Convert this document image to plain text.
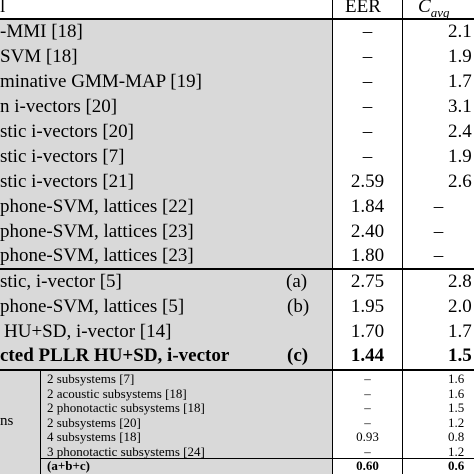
l	EER $C_{avg}$
-MMI [18]	–	2.1
SVM [18]	–	1.9
minative GMM-MAP [19]	–	1.7
n i-vectors [20]	–	3.1
stic i-vectors [20]	–	2.4
stic i-vectors [7]	–	1.9
stic i-vectors [21]	2.59	2.6
phone-SVM, lattices [22]	1.84	–
phone-SVM, lattices [23]	2.40	–
phone-SVM, lattices [23]	1.80	–
stic, i-vector [5]	(a)	2.75	2.8
phone-SVM, lattices [5]	(b)	1.95	2.0
HU+SD, i-vector [14]	1.70	1.7
cted PLLR HU+SD, i-vector	(c)	1.44	1.5
ns
2 subsystems [7]	–	1.6
2 acoustic subsystems [18]	–	1.6
2 phonotactic subsystems [18]	–	1.5
2 subsystems [20]	–	1.2
4 subsystems [18]	0.93	0.8
3 phonotactic subsystems [24]	–	1.2
(a+b+c)	0.60	0.6
